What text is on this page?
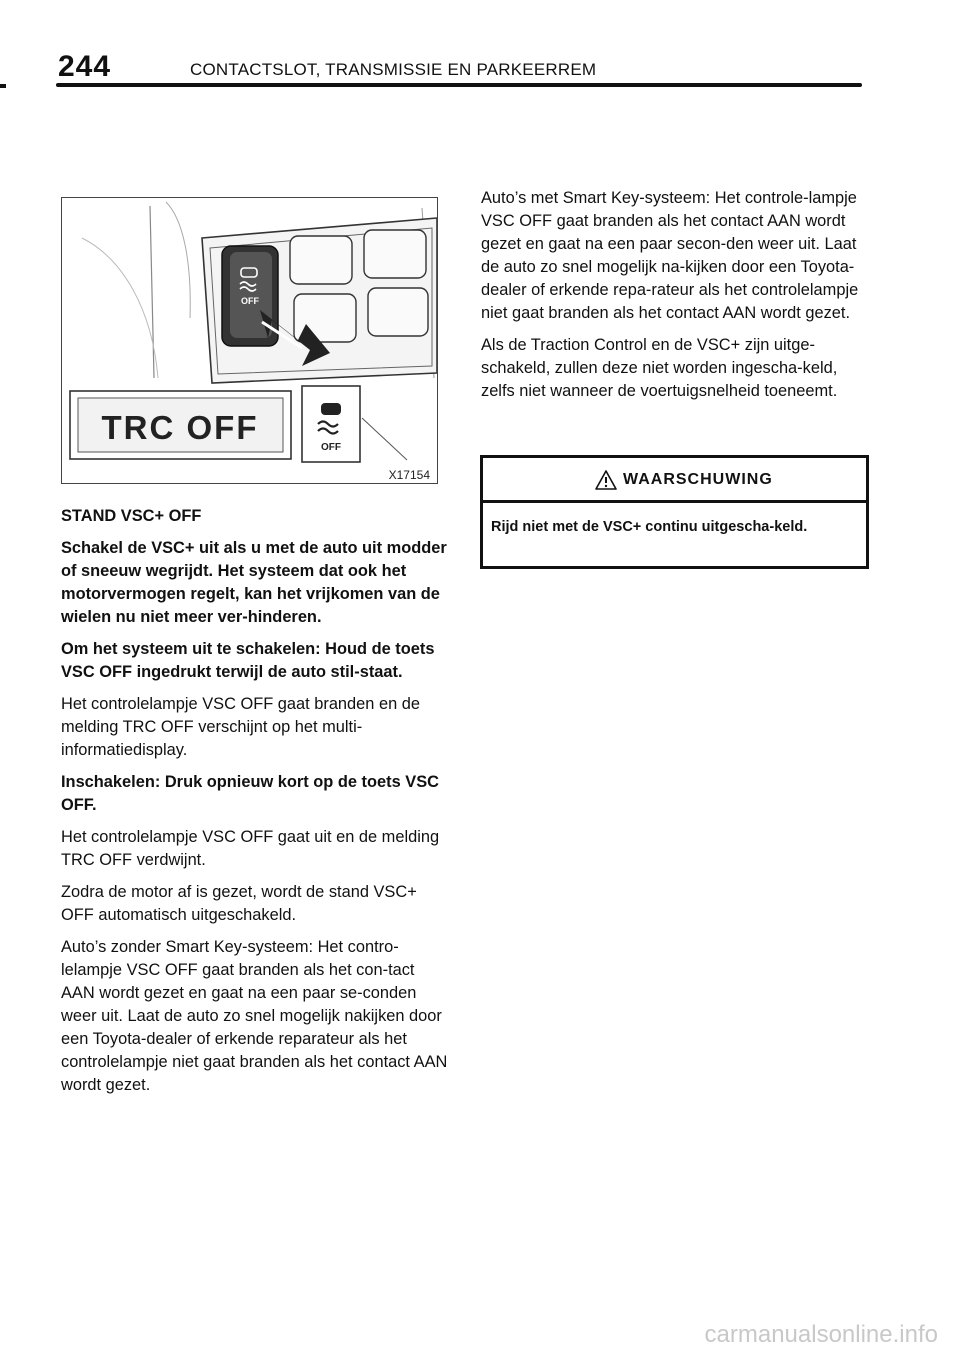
244	CONTACTSLOT, TRANSMISSIE EN PARKEERREM
OFF
TRC OFF
OFF
X17154

STAND VSC+ OFF

Schakel de VSC+ uit als u met de auto uit modder of sneeuw wegrijdt. Het systeem dat ook het motorvermogen regelt, kan het vrijkomen van de wielen nu niet meer ver-hinderen.

Om het systeem uit te schakelen: Houd de toets VSC OFF ingedrukt terwijl de auto stil-staat.

Het controlelampje VSC OFF gaat branden en de melding TRC OFF verschijnt op het multi-informatiedisplay.

Inschakelen: Druk opnieuw kort op de toets VSC OFF.

Het controlelampje VSC OFF gaat uit en de melding TRC OFF verdwijnt.

Zodra de motor af is gezet, wordt de stand VSC+ OFF automatisch uitgeschakeld.

Auto’s zonder Smart Key-systeem: Het contro-lelampje VSC OFF gaat branden als het con-tact AAN wordt gezet en gaat na een paar se-conden weer uit. Laat de auto zo snel mogelijk nakijken door een Toyota-dealer of erkende reparateur als het controlelampje niet gaat branden als het contact AAN wordt gezet.

Auto’s met Smart Key-systeem: Het controle-lampje VSC OFF gaat branden als het contact AAN wordt gezet en gaat na een paar secon-den weer uit. Laat de auto zo snel mogelijk na-kijken door een Toyota-dealer of erkende repa-rateur als het controlelampje niet gaat branden als het contact AAN wordt gezet.

Als de Traction Control en de VSC+ zijn uitge-schakeld, zullen deze niet worden ingescha-keld, zelfs niet wanneer de voertuigsnelheid toeneemt.

WAARSCHUWING
Rijd niet met de VSC+ continu uitgescha-keld.
carmanualsonline.info
